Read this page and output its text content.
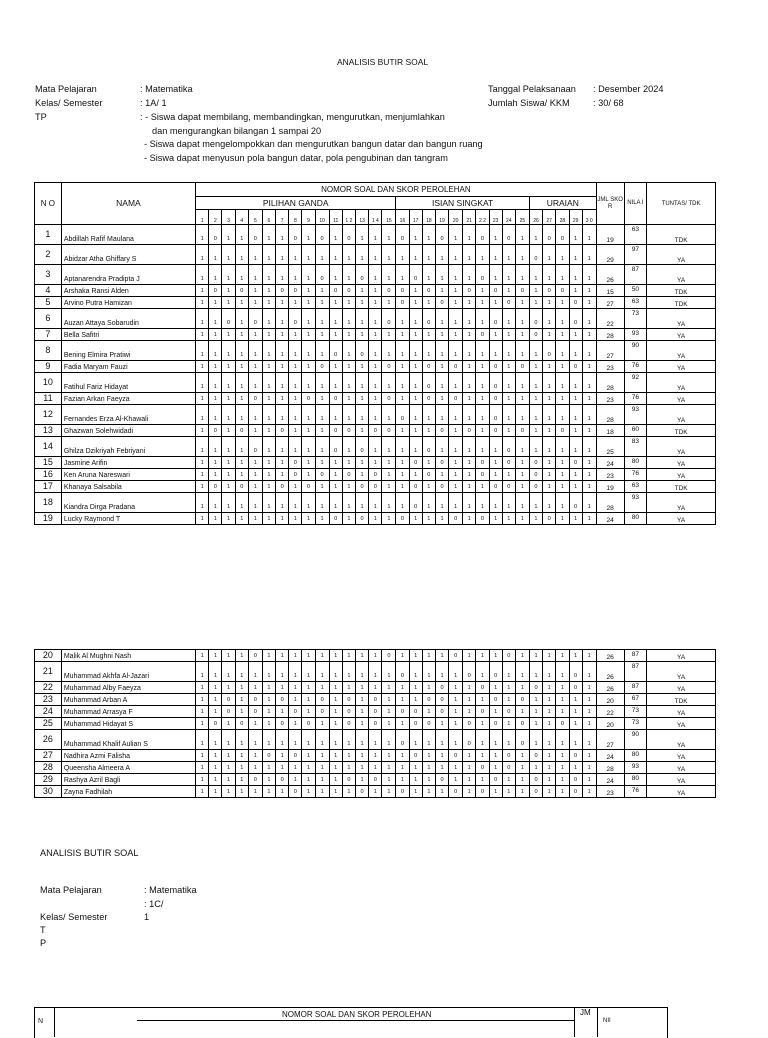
ANALISIS BUTIR SOAL
Mata Pelajaran	: Matematika
Kelas/ Semester	: 1A/ 1
TP	: - Siswa dapat membilang, membandingkan, mengurutkan, menjumlahkan
dan mengurangkan bilangan 1 sampai 20
- Siswa dapat mengelompokkan dan mengurutkan bangun datar dan bangun ruang
- Siswa dapat menyusun pola bangun datar, pola pengubinan dan tangram
Tanggal Pelaksanaan : Desember 2024
Jumlah Siswa/ KKM	: 30/ 68
N O	NAMA	NOMOR SOAL DAN SKOR PEROLEHAN																														JML SKO R	NILA I	TUNTAS/ TDK
		PILIHAN GANDA															ISIAN SINGKAT										URAIAN							
		1	2	3	4	5	6	7	8	9	10	11	1 2	13	1 4	15	16	17	18	19	20	21	2 2	23	24	25	26	27	28	29	3 0			
1	Abdillah Rafif Maulana	1	0	1	1	0	1	1	0	1	0	1	0	1	1	1	0	1	1	0	1	1	0	1	0	1	1	0	0	1	1	19	63	TDK
2	Abidzar Atha Ghiffary S	1	1	1	1	1	1	1	1	1	1	1	1	1	1	1	1	1	1	1	1	1	1	1	1	1	0	1	1	1	1	29	97	YA
3	Aptanarendra Pradipta J	1	1	1	1	1	1	1	1	1	0	1	1	0	1	1	1	0	1	1	1	1	0	1	1	1	1	1	1	1	1	26	87	YA
4	Arshaka Ransi Alden	1	0	1	0	1	1	0	0	1	1	0	0	1	1	0	0	1	0	1	1	0	1	0	1	0	1	0	0	1	1	15	50	TDK
5	Arvino Putra Hamizan	1	1	1	1	1	1	1	1	1	1	1	1	1	1	1	0	1	1	0	1	1	1	1	0	1	1	1	1	0	1	27	63	TDK
6	Auzan Attaya Sobarudin	1	1	0	1	0	1	1	0	1	1	1	1	1	1	0	1	1	0	1	1	1	1	0	1	1	0	1	1	0	1	22	73	YA
7	Bella Safitri	1	1	1	1	1	1	1	1	1	1	1	1	1	1	1	1	1	1	1	1	1	0	1	1	1	0	1	1	1	1	28	93	YA
8	Bening Elmira Pratiwi	1	1	1	1	1	1	1	1	1	1	0	1	0	1	1	1	1	1	1	1	1	1	1	1	1	1	0	1	1	1	27	90	YA
9	Fadia Maryam Fauzi	1	1	1	1	1	1	1	1	1	0	1	1	1	1	0	1	1	0	1	0	1	1	0	1	0	1	1	1	0	1	23	76	YA
10	Fatihul Fariz Hidayat	1	1	1	1	1	1	1	1	1	1	1	1	1	1	1	1	1	0	1	1	1	1	0	1	1	1	1	1	1	1	28	92	YA
11	Fazian Arkan Faeyza	1	1	1	1	0	1	1	1	0	1	0	1	1	1	0	1	1	0	1	0	1	1	0	1	1	1	1	1	1	1	23	76	YA
12	Fernandes Erza Al-Khawali	1	1	1	1	1	1	1	1	1	1	1	1	1	1	1	0	1	1	1	1	1	1	0	1	1	1	1	1	1	1	28	93	YA
13	Ghazwan Solehwidadi	1	0	1	0	1	1	0	1	1	1	0	0	1	0	0	1	1	1	0	1	0	1	0	1	0	1	1	0	1	1	18	60	TDK
14	Ghilza Dzikriyah Febriyani	1	1	1	1	0	1	1	1	1	1	0	1	0	1	1	1	1	0	1	1	1	1	1	0	1	1	1	1	1	1	25	83	YA
15	Jasmine Arifin	1	1	1	1	1	1	1	0	1	1	1	1	1	1	1	1	0	1	0	1	1	0	1	0	1	0	1	1	0	1	24	80	YA
16	Ken Aruna Nareswari	1	1	1	1	1	1	1	0	1	0	1	0	1	0	1	1	1	0	1	1	1	0	1	1	1	0	1	1	1	1	23	76	YA
17	Khanaya Salsabila	1	0	1	0	1	1	0	1	0	1	1	1	0	0	1	1	0	1	0	1	1	1	0	0	1	0	1	1	1	1	19	63	TDK
18	Kiandra Dirga Pradana	1	1	1	1	1	1	1	1	1	1	1	1	1	1	1	1	0	1	1	1	1	1	1	1	1	1	1	1	0	1	28	93	YA
19	Lucky Raymond T	1	1	1	1	1	1	1	1	1	1	0	1	0	1	1	0	1	1	1	0	1	0	1	1	1	1	0	1	1	1	24	80	YA
20	Malik Al Mughni Nash	1	1	1	1	0	1	1	1	1	1	1	1	1	1	0	1	1	1	1	0	1	1	1	0	1	1	1	1	1	1	26	87	YA
21	Muhammad Akhfa Al-Jazari	1	1	1	1	1	1	1	1	1	1	1	1	1	1	1	0	1	1	1	1	0	1	0	1	1	1	1	1	0	1	26	87	YA
22	Muhammad Alby Faeyza	1	1	1	1	1	1	1	1	1	1	1	1	1	1	1	1	1	1	0	1	1	0	1	1	1	0	1	1	0	1	26	87	YA
23	Muhammad Arban A	1	1	0	1	0	1	0	1	1	0	1	0	1	0	1	1	1	0	0	1	1	1	0	1	0	1	1	1	1	1	20	67	TDK
24	Muhammad Arrasya F	1	1	0	1	0	1	1	0	1	0	1	0	1	0	1	0	0	1	0	1	1	0	1	0	1	1	1	1	1	1	22	73	YA
25	Muhammad Hidayat S	1	0	1	0	1	1	0	1	0	1	1	0	1	0	1	1	0	0	1	1	0	1	0	1	0	1	1	0	1	1	20	73	YA
26	Muhammad Khalif Aulian S	1	1	1	1	1	1	1	1	1	1	1	1	1	1	1	0	1	1	1	1	0	1	1	1	0	1	1	1	1	1	27	90	YA
27	Nadhira Azmi Falisha	1	1	1	1	1	0	1	0	1	1	1	1	1	1	1	1	0	1	1	0	1	1	1	0	1	0	1	1	0	1	24	80	YA
28	Queensha Almeera A	1	1	1	1	1	1	1	1	1	1	1	1	1	1	1	1	1	1	1	1	1	0	1	0	1	1	1	1	1	1	28	93	YA
29	Rashya Azril Bagli	1	1	1	1	0	1	0	1	1	1	1	0	1	0	1	1	1	1	0	1	1	1	0	1	1	0	1	1	0	1	24	80	YA
30	Zayna Fadhilah	1	1	1	1	1	1	1	0	1	1	1	1	0	1	1	0	1	1	1	0	1	0	1	1	1	0	1	1	0	1	23	76	YA
ANALISIS BUTIR SOAL
Mata Pelajaran	: Matematika
: 1C/
Kelas/ Semester	1
T
P
NOMOR SOAL DAN SKOR PEROLEHAN	JM
N	NII
